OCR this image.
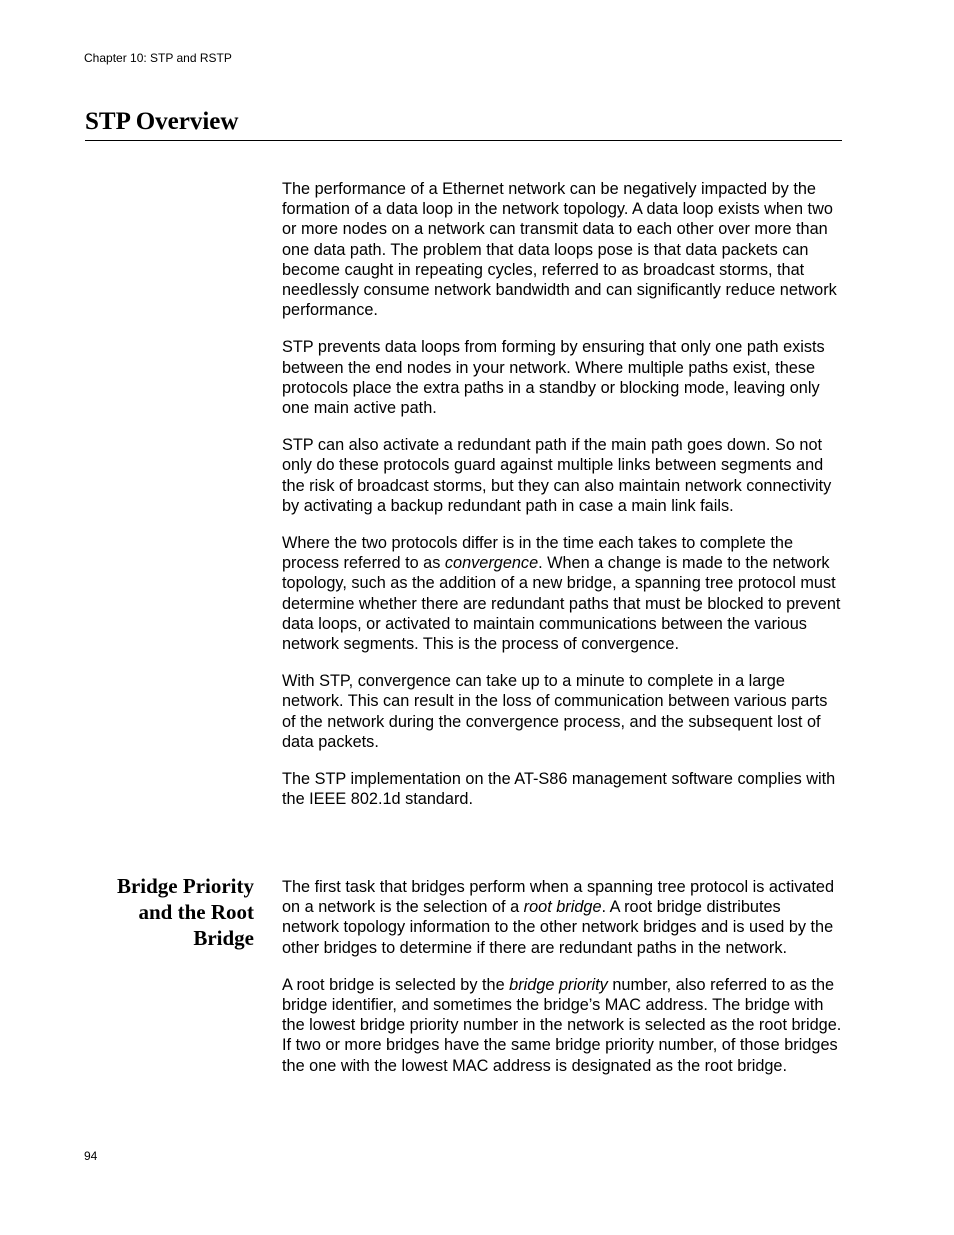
Chapter 10: STP and RSTP
STP Overview

The performance of a Ethernet network can be negatively impacted by the formation of a data loop in the network topology. A data loop exists when two or more nodes on a network can transmit data to each other over more than one data path. The problem that data loops pose is that data packets can become caught in repeating cycles, referred to as broadcast storms, that needlessly consume network bandwidth and can significantly reduce network performance.

STP prevents data loops from forming by ensuring that only one path exists between the end nodes in your network. Where multiple paths exist, these protocols place the extra paths in a standby or blocking mode, leaving only one main active path.

STP can also activate a redundant path if the main path goes down. So not only do these protocols guard against multiple links between segments and the risk of broadcast storms, but they can also maintain network connectivity by activating a backup redundant path in case a main link fails.

Where the two protocols differ is in the time each takes to complete the process referred to as convergence. When a change is made to the network topology, such as the addition of a new bridge, a spanning tree protocol must determine whether there are redundant paths that must be blocked to prevent data loops, or activated to maintain communications between the various network segments. This is the process of convergence.

With STP, convergence can take up to a minute to complete in a large network. This can result in the loss of communication between various parts of the network during the convergence process, and the subsequent lost of data packets.

The STP implementation on the AT-S86 management software complies with the IEEE 802.1d standard.

Bridge Priority and the Root Bridge

The first task that bridges perform when a spanning tree protocol is activated on a network is the selection of a root bridge. A root bridge distributes network topology information to the other network bridges and is used by the other bridges to determine if there are redundant paths in the network.

A root bridge is selected by the bridge priority number, also referred to as the bridge identifier, and sometimes the bridge’s MAC address. The bridge with the lowest bridge priority number in the network is selected as the root bridge. If two or more bridges have the same bridge priority number, of those bridges the one with the lowest MAC address is designated as the root bridge.

94
